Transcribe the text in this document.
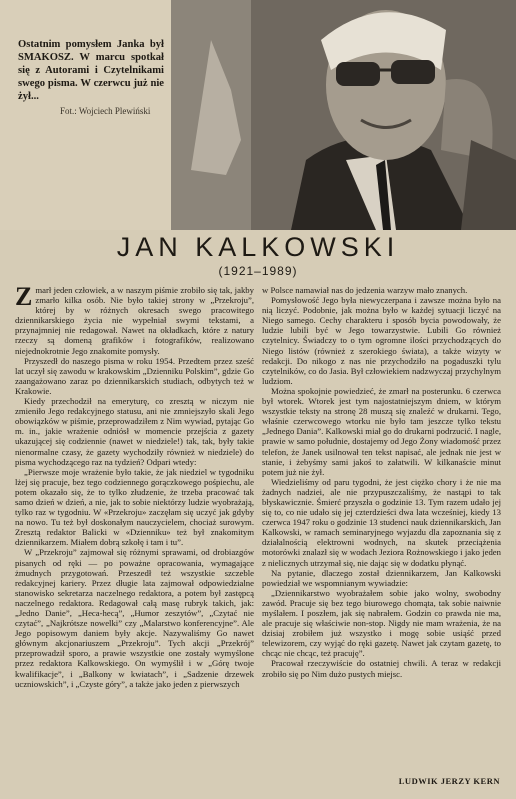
Ostatnim pomysłem Janka był SMAKOSZ. W marcu spotkał się z Autorami i Czytelnikami swego pisma. W czerwcu już nie żył...

Fot.: Wojciech Plewiński
JAN KALKOWSKI
(1921–1989)
Z marł jeden człowiek, a w naszym piśmie zrobiło się tak, jakby zmarło kilka osób. Nie było takiej strony w „Przekroju”, której by w różnych okresach swego pracowitego dziennikarskiego życia nie wypełniał swymi tekstami, a przynajmniej nie redagował. Nawet na okładkach, które z natury rzeczy są domeną grafików i fotografików, realizowano niejednokrotnie Jego znakomite pomysły.

Przyszedł do naszego pisma w roku 1954. Przedtem przez sześć lat uczył się zawodu w krakowskim „Dzienniku Polskim”, gdzie Go zaangażowano zaraz po dziennikarskich studiach, odbytych też w Krakowie.

Kiedy przechodził na emeryturę, co zresztą w niczym nie zmieniło Jego redakcyjnego statusu, ani nie zmniejszyło skali Jego obowiązków w piśmie, przeprowadziłem z Nim wywiad, pytając Go m. in., jakie wrażenie odniósł w momencie przejścia z gazety ukazującej się codziennie (nawet w niedziele!) tak, tak, były takie nienormalne czasy, że gazety wychodziły również w niedziele) do pisma wychodzącego raz na tydzień? Odpari wtedy:

„Pierwsze moje wrażenie było takie, że jak niedziel w tygodniku lżej się pracuje, bez tego codziennego gorączkowego pośpiechu, ale potem okazało się, że to tylko złudzenie, że trzeba pracować tak samo dzień w dzień, a nie, jak to sobie niektórzy ludzie wyobrażają, tylko raz w tygodniu. W «Przekroju» zaczęłam się uczyć jak gdyby na nowo. Tu też był doskonałym nauczycielem, chociaż surowym. Zresztą redaktor Balicki w «Dzienniku» też był znakomitym dziennikarzem. Miałem dobrą szkołę i tam i tu”.

W „Przekroju” zajmował się różnymi sprawami, od drobiazgów pisanych od ręki — po poważne opracowania, wymagające żmudnych przygotowań. Przeszedł też wszystkie szczeble redakcyjnej kariery. Przez długie lata zajmował odpowiedzialne stanowisko sekretarza naczelnego redaktora, a potem był zastępcą naczelnego redaktora. Redagował całą masę rubryk takich, jak: „Jedno Danie”, „Heca-hecą”, „Humor zeszytów”, „Czytać nie czytać”, „Najkrótsze nowelki” czy „Malarstwo konferencyjne”. Ale Jego popisowym daniem były akcje. Nazywaliśmy Go nawet głównym akcjonariuszem „Przekroju”. Tych akcji „Przekrój” przeprowadził sporo, a prawie wszystkie one zostały wymyślone przez redaktora Kalkowskiego. On wymyślił i w „Górę twoje kwalifikacje”, i „Balkony w kwiatach”, i „Sadzenie drzewek uczniowskich”, i „Czyste góry”, a także jako jeden z pierwszych

w Polsce namawiał nas do jedzenia warzyw mało znanych.

Pomysłowość Jego była niewyczerpana i zawsze można było na nią liczyć. Podobnie, jak można było w każdej sytuacji liczyć na Niego samego. Cechy charakteru i sposób bycia powodowały, że ludzie lubili być w Jego towarzystwie. Lubili Go również czytelnicy. Świadczy to o tym ogromne ilości przychodzących do Niego listów (również z szerokiego świata), a także wizyty w redakcji. Do nikogo z nas nie przychodziło na pogaduszki tylu czytelników, co do Jasia. Był człowiekiem nadzwyczaj przychylnym ludziom.

Można spokojnie powiedzieć, że zmarł na posterunku. 6 czerwca był wtorek. Wtorek jest tym najostatniejszym dniem, w którym wszystkie teksty na stronę 28 muszą się znaleźć w drukarni. Tego, właśnie czerwcowego wtorku nie było tam jeszcze tylko tekstu „Jednego Dania”. Kalkowski miał go do drukarni podrzucić. I nagle, prawie w samo południe, dostajemy od Jego Żony wiadomość przez telefon, że Janek usilnował ten tekst napisać, ale jednak nie jest w stanie, i żebyśmy sami jakoś to załatwili. W kilkanaście minut potem już nie żył.

Wiedzieliśmy od paru tygodni, że jest ciężko chory i że nie ma żadnych nadziei, ale nie przypuszczaliśmy, że nastąpi to tak błyskawicznie. Śmierć przyszła o godzinie 13. Tym razem udało jej się to, co nie udało się jej czterdzieści dwa lata wcześniej, kiedy 13 czerwca 1947 roku o godzinie 13 studenci nauk dziennikarskich, Jan Kalkowski, w ramach seminaryjnego wyjazdu dla zapoznania się z działalnością elektrowni wodnych, na skutek przeciążenia motorówki znalazł się w wodach Jeziora Rożnowskiego i jako jeden z nielicznych utrzymał się, nie dając się w dodatku płynąć.

Na pytanie, dlaczego został dziennikarzem, Jan Kalkowski powiedział we wspomnianym wywiadzie:

„Dziennikarstwo wyobrażałem sobie jako wolny, swobodny zawód. Pracuje się bez tego biurowego chomąta, tak sobie naiwnie myślałem. I poszłem, jak się nabrałem. Godzin co prawda nie ma, ale pracuje się właściwie non-stop. Nigdy nie mam wrażenia, że na dzisiaj zrobiłem już wszystko i mogę sobie usiąść przed telewizorem, czy wyjąć do ręki gazetę. Nawet jak czytam gazetę, to chcąc nie chcąc, też pracuję”.

Pracował rzeczywiście do ostatniej chwili. A teraz w redakcji zrobiło się po Nim dużo pustych miejsc.

LUDWIK JERZY KERN
